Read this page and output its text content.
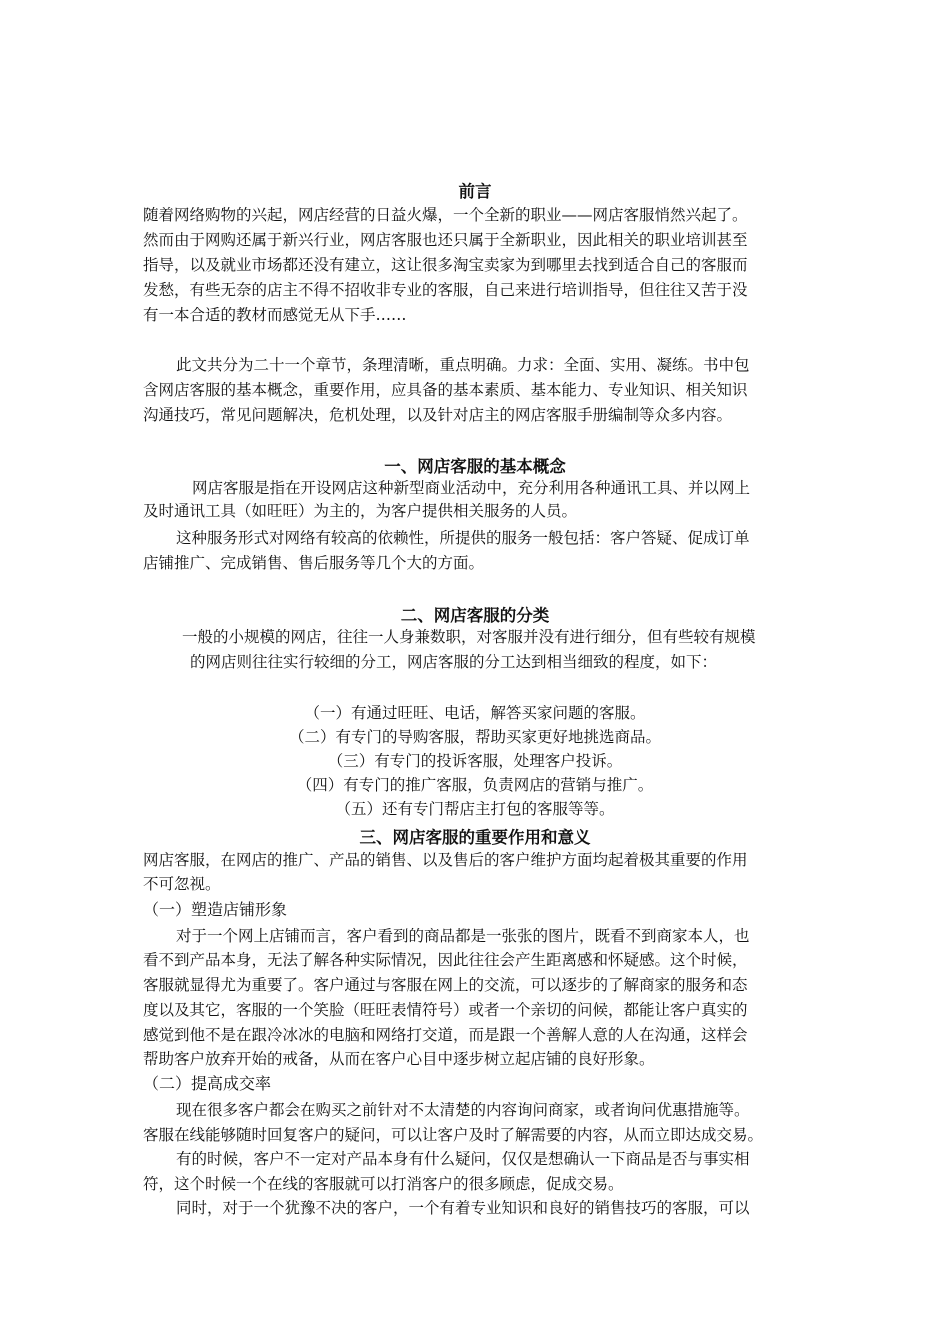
前言
随着网络购物的兴起，网店经营的日益火爆，一个全新的职业——网店客服悄然兴起了。
然而由于网购还属于新兴行业，网店客服也还只属于全新职业，因此相关的职业培训甚至
指导，以及就业市场都还没有建立，这让很多淘宝卖家为到哪里去找到适合自己的客服而
发愁，有些无奈的店主不得不招收非专业的客服，自己来进行培训指导，但往往又苦于没
有一本合适的教材而感觉无从下手……
此文共分为二十一个章节，条理清晰，重点明确。力求：全面、实用、凝练。书中包
含网店客服的基本概念，重要作用，应具备的基本素质、基本能力、专业知识、相关知识
沟通技巧，常见问题解决，危机处理，以及针对店主的网店客服手册编制等众多内容。
一、网店客服的基本概念
网店客服是指在开设网店这种新型商业活动中，充分利用各种通讯工具、并以网上
及时通讯工具（如旺旺）为主的，为客户提供相关服务的人员。
这种服务形式对网络有较高的依赖性，所提供的服务一般包括：客户答疑、促成订单
店铺推广、完成销售、售后服务等几个大的方面。
二、网店客服的分类
一般的小规模的网店，往往一人身兼数职，对客服并没有进行细分，但有些较有规模
的网店则往往实行较细的分工，网店客服的分工达到相当细致的程度，如下：
（一）有通过旺旺、电话，解答买家问题的客服。
（二）有专门的导购客服，帮助买家更好地挑选商品。
（三）有专门的投诉客服，处理客户投诉。
（四）有专门的推广客服，负责网店的营销与推广。
（五）还有专门帮店主打包的客服等等。
三、网店客服的重要作用和意义
网店客服，在网店的推广、产品的销售、以及售后的客户维护方面均起着极其重要的作用
不可忽视。
（一）塑造店铺形象
对于一个网上店铺而言，客户看到的商品都是一张张的图片，既看不到商家本人，也
看不到产品本身，无法了解各种实际情况，因此往往会产生距离感和怀疑感。这个时候，
客服就显得尤为重要了。客户通过与客服在网上的交流，可以逐步的了解商家的服务和态
度以及其它，客服的一个笑脸（旺旺表情符号）或者一个亲切的问候，都能让客户真实的
感觉到他不是在跟冷冰冰的电脑和网络打交道，而是跟一个善解人意的人在沟通，这样会
帮助客户放弃开始的戒备，从而在客户心目中逐步树立起店铺的良好形象。
（二）提高成交率
现在很多客户都会在购买之前针对不太清楚的内容询问商家，或者询问优惠措施等。
客服在线能够随时回复客户的疑问，可以让客户及时了解需要的内容，从而立即达成交易。
有的时候，客户不一定对产品本身有什么疑问，仅仅是想确认一下商品是否与事实相
符，这个时候一个在线的客服就可以打消客户的很多顾虑，促成交易。
同时，对于一个犹豫不决的客户，一个有着专业知识和良好的销售技巧的客服，可以
